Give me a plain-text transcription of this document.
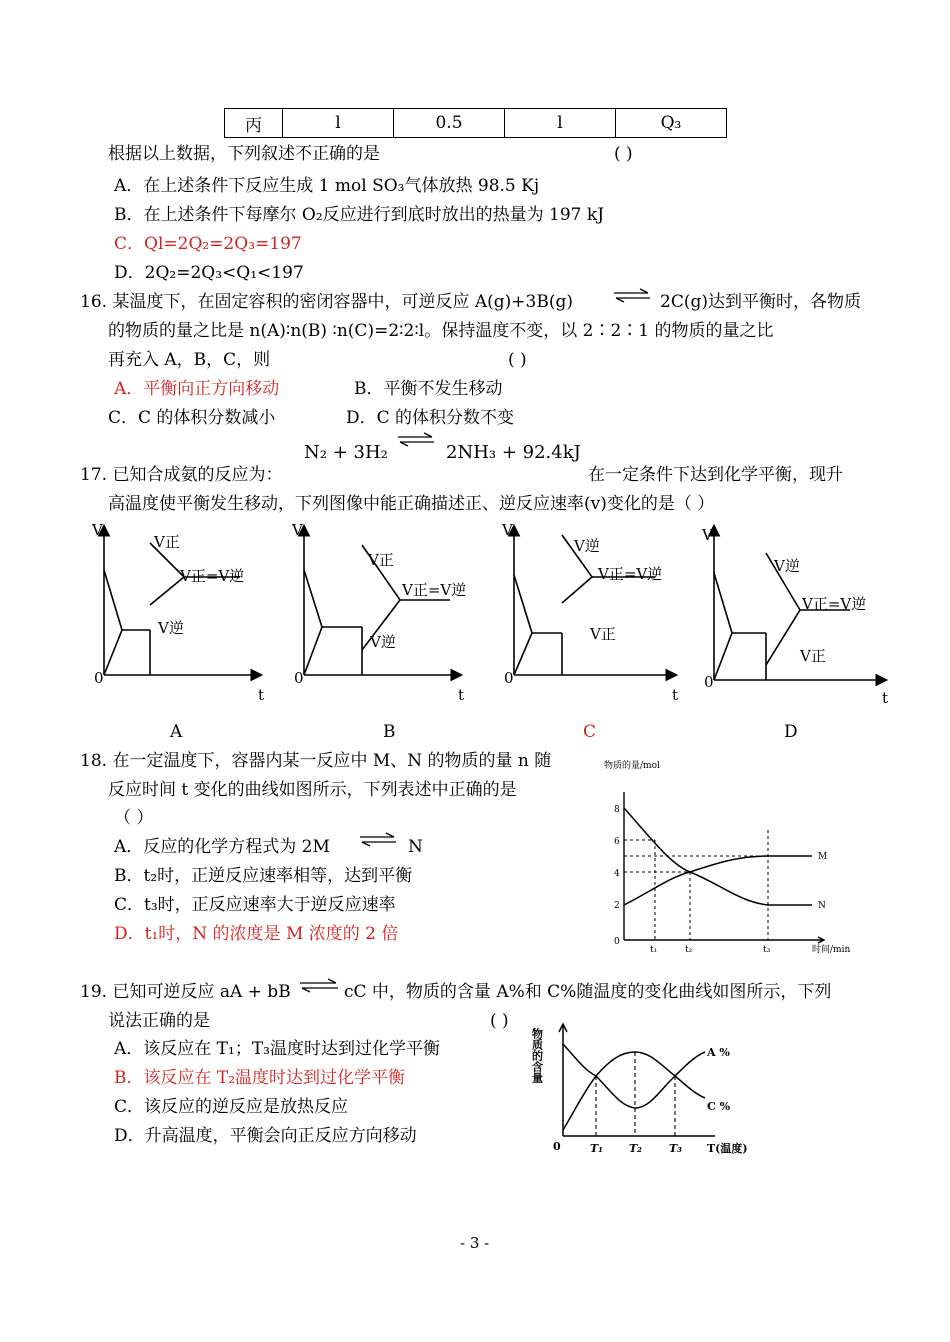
丙	l	0.5	l	Q₃
根据以上数据，下列叙述不正确的是	( )
A．在上述条件下反应生成 1 mol SO₃气体放热 98.5 Kj
B．在上述条件下每摩尔 O₂反应进行到底时放出的热量为 197 kJ
C．Ql=2Q₂=2Q₃=197
D．2Q₂=2Q₃<Q₁<197
16. 某温度下，在固定容积的密闭容器中，可逆反应 A(g)+3B(g) ⇌ 2C(g)达到平衡时，各物质
的物质的量之比是 n(A)∶n(B) ∶n(C)=2∶2∶l。保持温度不变，以 2∶2∶1 的物质的量之比
再充入 A，B，C，则	( )
A．平衡向正方向移动	B．平衡不发生移动
C．C 的体积分数减小	D．C 的体积分数不变
N₂ + 3H₂	2NH₃ + 92.4kJ
17. 已知合成氨的反应为：	在一定条件下达到化学平衡，现升
高温度使平衡发生移动，下列图像中能正确描述正、逆反应速率(v)变化的是（ ）
V
0
t
V正
V正=V逆
V逆
V
0
t
V正
V正=V逆
V逆
V
0
t
V逆
V正=V逆
V正
V
0
t
V逆
V正=V逆
V正
A	B	C	D
18. 在一定温度下，容器内某一反应中 M、N 的物质的量 n 随
反应时间 t 变化的曲线如图所示，下列表述中正确的是
（ ）
A．反应的化学方程式为 2M ⇌ N
B．t₂时，正逆反应速率相等，达到平衡
C．t₃时，正反应速率大于逆反应速率
D．t₁时，N 的浓度是 M 浓度的 2 倍
物质的量/mol
8
6
4
2
0
t₁	t₂	t₃	时间/min
M
N
19. 已知可逆反应 aA + bB ⇌ cC 中，物质的含量 A%和 C%随温度的变化曲线如图所示，下列
说法正确的是	( )
A．该反应在 T₁；T₃温度时达到过化学平衡
B．该反应在 T₂温度时达到过化学平衡
C．该反应的逆反应是放热反应
D．升高温度，平衡会向正反应方向移动
物质的含量
0	T₁ T₂ T₃ T(温度)
A %
C %
- 3 -
